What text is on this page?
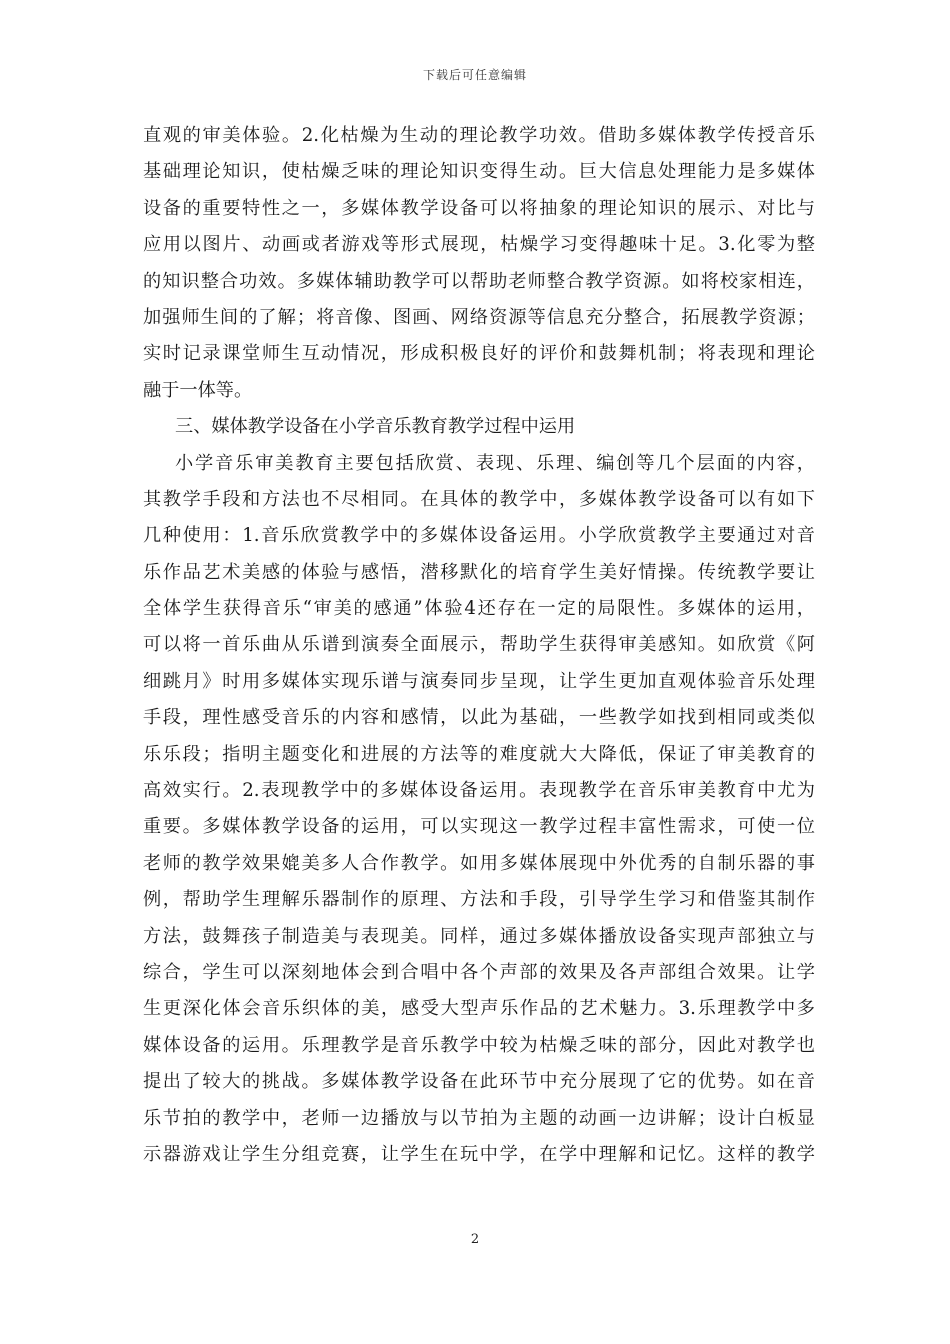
下载后可任意编辑
直观的审美体验。2.化枯燥为生动的理论教学功效。借助多媒体教学传授音乐
基础理论知识，使枯燥乏味的理论知识变得生动。巨大信息处理能力是多媒体
设备的重要特性之一，多媒体教学设备可以将抽象的理论知识的展示、对比与
应用以图片、动画或者游戏等形式展现，枯燥学习变得趣味十足。3.化零为整
的知识整合功效。多媒体辅助教学可以帮助老师整合教学资源。如将校家相连，
加强师生间的了解；将音像、图画、网络资源等信息充分整合，拓展教学资源；
实时记录课堂师生互动情况，形成积极良好的评价和鼓舞机制；将表现和理论
融于一体等。
三、媒体教学设备在小学音乐教育教学过程中运用
小学音乐审美教育主要包括欣赏、表现、乐理、编创等几个层面的内容，
其教学手段和方法也不尽相同。在具体的教学中，多媒体教学设备可以有如下
几种使用：1.音乐欣赏教学中的多媒体设备运用。小学欣赏教学主要通过对音
乐作品艺术美感的体验与感悟，潜移默化的培育学生美好情操。传统教学要让
全体学生获得音乐“审美的感通”体验4还存在一定的局限性。多媒体的运用，
可以将一首乐曲从乐谱到演奏全面展示，帮助学生获得审美感知。如欣赏《阿
细跳月》时用多媒体实现乐谱与演奏同步呈现，让学生更加直观体验音乐处理
手段，理性感受音乐的内容和感情，以此为基础，一些教学如找到相同或类似
乐乐段；指明主题变化和进展的方法等的难度就大大降低，保证了审美教育的
高效实行。2.表现教学中的多媒体设备运用。表现教学在音乐审美教育中尤为
重要。多媒体教学设备的运用，可以实现这一教学过程丰富性需求，可使一位
老师的教学效果媲美多人合作教学。如用多媒体展现中外优秀的自制乐器的事
例，帮助学生理解乐器制作的原理、方法和手段，引导学生学习和借鉴其制作
方法，鼓舞孩子制造美与表现美。同样，通过多媒体播放设备实现声部独立与
综合，学生可以深刻地体会到合唱中各个声部的效果及各声部组合效果。让学
生更深化体会音乐织体的美，感受大型声乐作品的艺术魅力。3.乐理教学中多
媒体设备的运用。乐理教学是音乐教学中较为枯燥乏味的部分，因此对教学也
提出了较大的挑战。多媒体教学设备在此环节中充分展现了它的优势。如在音
乐节拍的教学中，老师一边播放与以节拍为主题的动画一边讲解；设计白板显
示器游戏让学生分组竞赛，让学生在玩中学，在学中理解和记忆。这样的教学
2
